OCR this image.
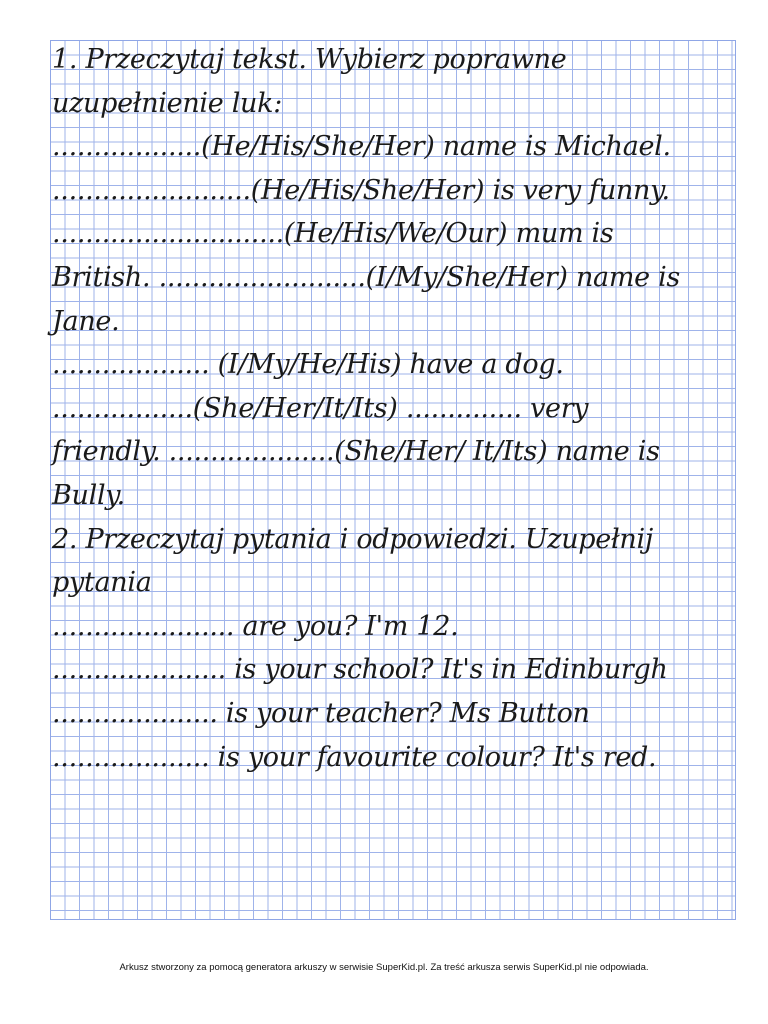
1. Przeczytaj tekst. Wybierz poprawne
uzupełnienie luk:
..................(He/His/She/Her) name is Michael.
........................(He/His/She/Her) is very funny.
............................(He/His/We/Our) mum is
British. .........................(I/My/She/Her) name is
Jane.
................... (I/My/He/His) have a dog.
.................(She/Her/It/Its) .............. very
friendly. ....................(She/Her/ It/Its) name is
Bully.
2. Przeczytaj pytania i odpowiedzi. Uzupełnij
pytania
...................... are you? I'm 12.
..................... is your school? It's in Edinburgh
.................... is your teacher? Ms Button
................... is your favourite colour? It's red.
Arkusz stworzony za pomocą generatora arkuszy w serwisie SuperKid.pl. Za treść arkusza serwis SuperKid.pl nie odpowiada.
